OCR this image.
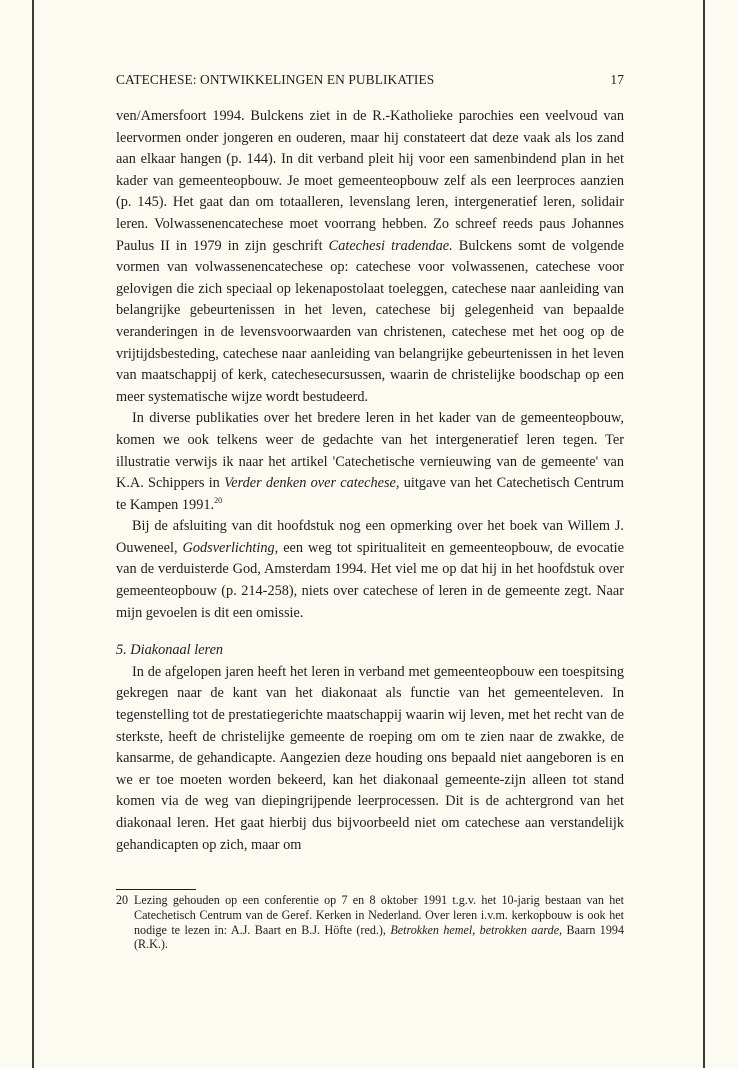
CATECHESE: ONTWIKKELINGEN EN PUBLIKATIES	17

ven/Amersfoort 1994. Bulckens ziet in de R.-Katholieke parochies een veelvoud van leervormen onder jongeren en ouderen, maar hij constateert dat deze vaak als los zand aan elkaar hangen (p. 144). In dit verband pleit hij voor een samenbindend plan in het kader van gemeenteopbouw. Je moet gemeenteopbouw zelf als een leerproces aanzien (p. 145). Het gaat dan om totaalleren, levenslang leren, intergeneratief leren, solidair leren. Volwassenencatechese moet voorrang hebben. Zo schreef reeds paus Johannes Paulus II in 1979 in zijn geschrift Catechesi tradendae. Bulckens somt de volgende vormen van volwassenencatechese op: catechese voor volwassenen, catechese voor gelovigen die zich speciaal op lekenapostolaat toeleggen, catechese naar aanleiding van belangrijke gebeurtenissen in het leven, catechese bij gelegenheid van bepaalde veranderingen in de levensvoorwaarden van christenen, catechese met het oog op de vrijtijdsbesteding, catechese naar aanleiding van belangrijke gebeurtenissen in het leven van maatschappij of kerk, catechesecursussen, waarin de christelijke boodschap op een meer systematische wijze wordt bestudeerd.

In diverse publikaties over het bredere leren in het kader van de gemeenteopbouw, komen we ook telkens weer de gedachte van het intergeneratief leren tegen. Ter illustratie verwijs ik naar het artikel 'Catechetische vernieuwing van de gemeente' van K.A. Schippers in Verder denken over catechese, uitgave van het Catechetisch Centrum te Kampen 1991.20

Bij de afsluiting van dit hoofdstuk nog een opmerking over het boek van Willem J. Ouweneel, Godsverlichting, een weg tot spiritualiteit en gemeenteopbouw, de evocatie van de verduisterde God, Amsterdam 1994. Het viel me op dat hij in het hoofdstuk over gemeenteopbouw (p. 214-258), niets over catechese of leren in de gemeente zegt. Naar mijn gevoelen is dit een omissie.

5. Diakonaal leren

In de afgelopen jaren heeft het leren in verband met gemeenteopbouw een toespitsing gekregen naar de kant van het diakonaat als functie van het gemeenteleven. In tegenstelling tot de prestatiegerichte maatschappij waarin wij leven, met het recht van de sterkste, heeft de christelijke gemeente de roeping om om te zien naar de zwakke, de kansarme, de gehandicapte. Aangezien deze houding ons bepaald niet aangeboren is en we er toe moeten worden bekeerd, kan het diakonaal gemeente-zijn alleen tot stand komen via de weg van diepingrijpende leerprocessen. Dit is de achtergrond van het diakonaal leren. Het gaat hierbij dus bijvoorbeeld niet om catechese aan verstandelijk gehandicapten op zich, maar om

20 Lezing gehouden op een conferentie op 7 en 8 oktober 1991 t.g.v. het 10-jarig bestaan van het Catechetisch Centrum van de Geref. Kerken in Nederland. Over leren i.v.m. kerkopbouw is ook het nodige te lezen in: A.J. Baart en B.J. Höfte (red.), Betrokken hemel, betrokken aarde, Baarn 1994 (R.K.).
